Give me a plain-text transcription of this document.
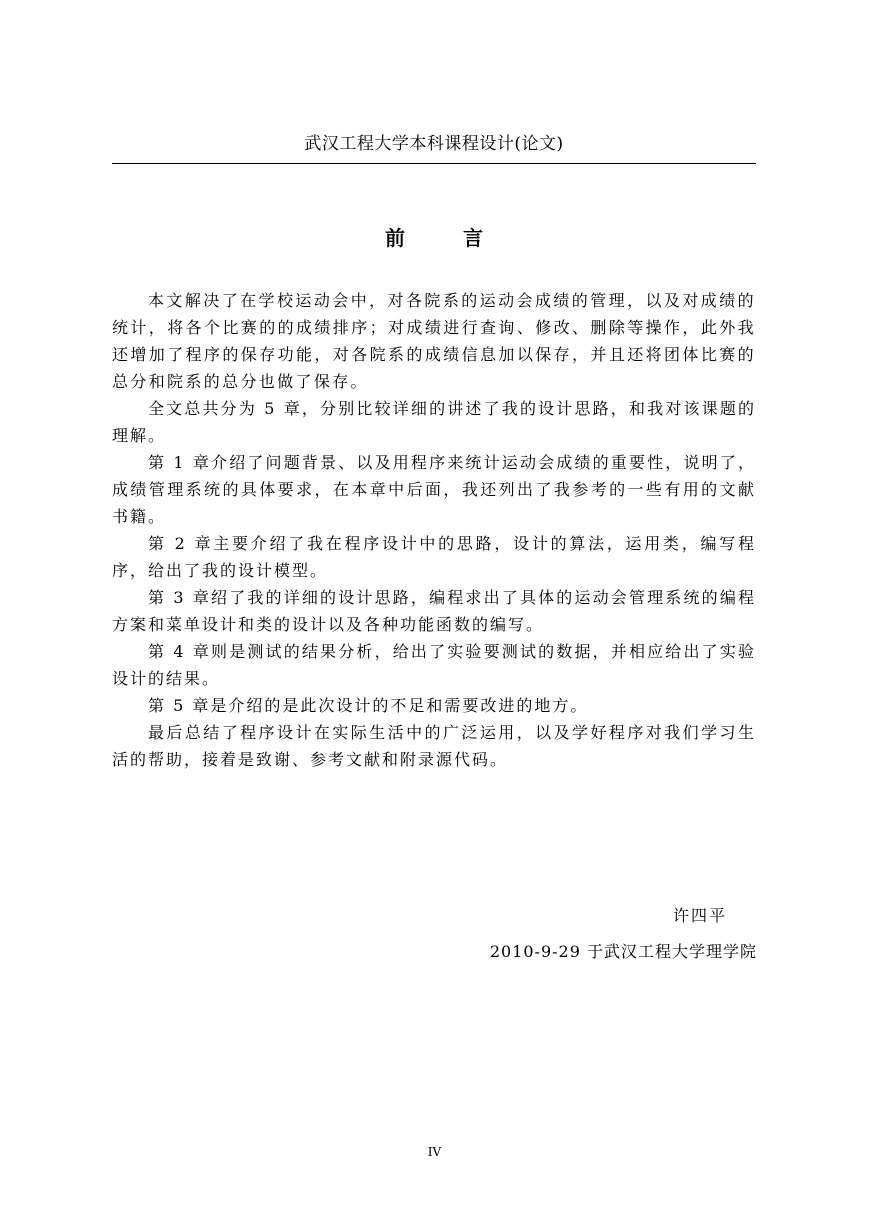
武汉工程大学本科课程设计(论文)
前	言

本文解决了在学校运动会中，对各院系的运动会成绩的管理，以及对成绩的统计，将各个比赛的的成绩排序；对成绩进行查询、修改、删除等操作，此外我还增加了程序的保存功能，对各院系的成绩信息加以保存，并且还将团体比赛的总分和院系的总分也做了保存。

全文总共分为 5 章，分别比较详细的讲述了我的设计思路，和我对该课题的理解。

第 1 章介绍了问题背景、以及用程序来统计运动会成绩的重要性，说明了，成绩管理系统的具体要求，在本章中后面，我还列出了我参考的一些有用的文献书籍。

第 2 章主要介绍了我在程序设计中的思路，设计的算法，运用类，编写程序，给出了我的设计模型。

第 3 章绍了我的详细的设计思路，编程求出了具体的运动会管理系统的编程方案和菜单设计和类的设计以及各种功能函数的编写。

第 4 章则是测试的结果分析，给出了实验要测试的数据，并相应给出了实验设计的结果。

第 5 章是介绍的是此次设计的不足和需要改进的地方。

最后总结了程序设计在实际生活中的广泛运用，以及学好程序对我们学习生活的帮助，接着是致谢、参考文献和附录源代码。

许四平
2010-9-29 于武汉工程大学理学院
IV
